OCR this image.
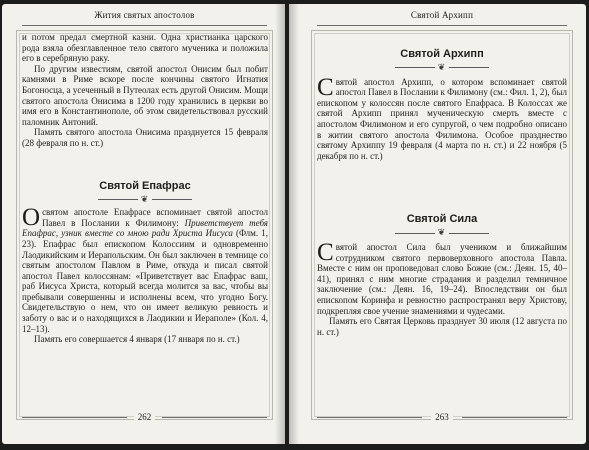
Жития святых апостолов

и потом предал смертной казни. Одна христианка царского рода взяла обезглавленное тело святого мученика и положила его в серебряную раку.

По другим известиям, святой апостол Онисим был побит камнями в Риме вскоре после кончины святого Игнатия Богоносца, а усеченный в Путеолах есть другой Онисим. Мощи святого апостола Онисима в 1200 году хранились в церкви во имя его в Константинополе, об этом свидетельствовал русский паломник Антоний.

Память святого апостола Онисима празднуется 15 февраля (28 февраля по н. ст.)

Святой Епафрас
❦

Освятом апостоле Епафрасе вспоминает святой апостол Павел в Послании к Филимону: Приветствует тебя Епафрас, узник вместе со мною ради Христа Иисуса (Флм. 1, 23). Епафрас был епископом Колоссиим и одновременно Лаодикийским и Иерапольским. Он был заключен в темнице со святым апостолом Павлом в Риме, откуда и писал святой апостол Павел колоссянам: «Приветствует вас Епафрас ваш, раб Иисуса Христа, который всегда молится за вас, чтобы вы пребывали совершенны и исполнены всем, что угодно Богу. Свидетельствую о нем, что он имеет великую ревность и заботу о вас и о находящихся в Лаодикии и Иераполе» (Кол. 4, 12–13).

Память его совершается 4 января (17 января по н. ст.)

262
Святой Архипп
Святой Архипп
❦

Святой апостол Архипп, о котором вспоминает святой апостол Павел в Послании к Филимону (см.: Фил. 1, 2), был епископом у колоссян после святого Епафраса. В Колоссах же святой Архипп принял мученическую смерть вместе с апостолом Филимоном и его супругой, о чем подробно описано в житии святого апостола Филимона. Особое празднество святому Архиппу 19 февраля (4 марта по н. ст.) и 22 ноября (5 декабря по н. ст.)

Святой Сила
❦

Святой апостол Сила был учеником и ближайшим сотрудником святого первоверховного апостола Павла. Вместе с ним он проповедовал слово Божие (см.: Деян. 15, 40–41), принял с ним многие страдания и разделил темничное заключение (см.: Деян. 16, 19–24). Впоследствии он был епископом Коринфа и ревностно распространял веру Христову, подкрепляя свое учение знамениями и чудесами.

Память его Святая Церковь празднует 30 июля (12 августа по н. ст.)

263
